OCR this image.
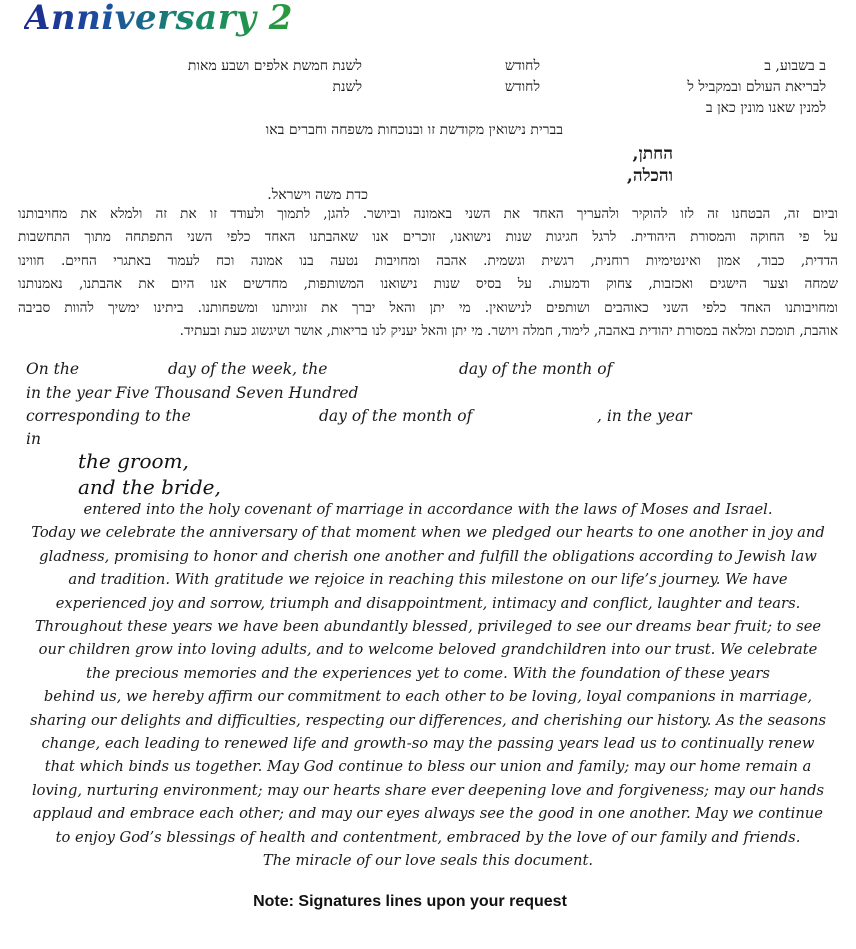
Anniversary 2
ב בשבוע, ב
לחודש
לשנת חמשת אלפים ושבע מאות
לבריאת העולם ובמקביל ל
לחודש
לשנת
למנין שאנו מונין כאן ב
בברית נישואין מקודשת זו ובנוכחות משפחה וחברים באו
החתן,
והכלה,
כדת משה וישראל.
וביום זה, הבטחנו זה לזו להוקיר ולהעריך האחד את השני באמונה וביושר. להגן, לתמוך ולעודד זו את זה ולמלא את מחויבותנו
על פי החוקה והמסורת היהודית. לרגל חגיגות שנות נישואנו, זוכרים אנו שאהבתנו האחד כלפי השני התפתחה מתוך התחשבות
הדדית, כבוד, אמון ואינטימיות רוחנית, רגשית וגשמית. אהבה ומחויבות נטעה בנו אמונה וכח לעמוד באתגרי החיים. חווינו
שמחה וצער הישגים ואכזבות, צחוק ודמעות. על בסיס שנות נישואנו המשותפות, מחדשים אנו היום את אהבתנו, נאמנותנו
ומחויבותנו האחד כלפי השני כאוהבים ושותפים לנישואין. מי יתן והאל יברך את זוגיותנו ומשפחותנו. ביתינו ימשיך להוות סביבה
אוהבת, תומכת ומלאה במסורת יהודית באהבה, לימוד, חמלה ויושר. מי יתן והאל יעניק לנו בריאות, אושר ושיגשוג כעת ובעתיד.
On the	day of the week, the	day of the month of
in the year Five Thousand Seven Hundred
corresponding to the	day of the month of	, in the year
in
the groom,
and the bride,
entered into the holy covenant of marriage in accordance with the laws of Moses and Israel.
Today we celebrate the anniversary of that moment when we pledged our hearts to one another in joy and
gladness, promising to honor and cherish one another and fulfill the obligations according to Jewish law
and tradition. With gratitude we rejoice in reaching this milestone on our life’s journey. We have
experienced joy and sorrow, triumph and disappointment, intimacy and conflict, laughter and tears.
Throughout these years we have been abundantly blessed, privileged to see our dreams bear fruit; to see
our children grow into loving adults, and to welcome beloved grandchildren into our trust. We celebrate
the precious memories and the experiences yet to come. With the foundation of these years
behind us, we hereby affirm our commitment to each other to be loving, loyal companions in marriage,
sharing our delights and difficulties, respecting our differences, and cherishing our history. As the seasons
change, each leading to renewed life and growth-so may the passing years lead us to continually renew
that which binds us together. May God continue to bless our union and family; may our home remain a
loving, nurturing environment; may our hearts share ever deepening love and forgiveness; may our hands
applaud and embrace each other; and may our eyes always see the good in one another. May we continue
to enjoy God’s blessings of health and contentment, embraced by the love of our family and friends.
The miracle of our love seals this document.
Note: Signatures lines upon your request
